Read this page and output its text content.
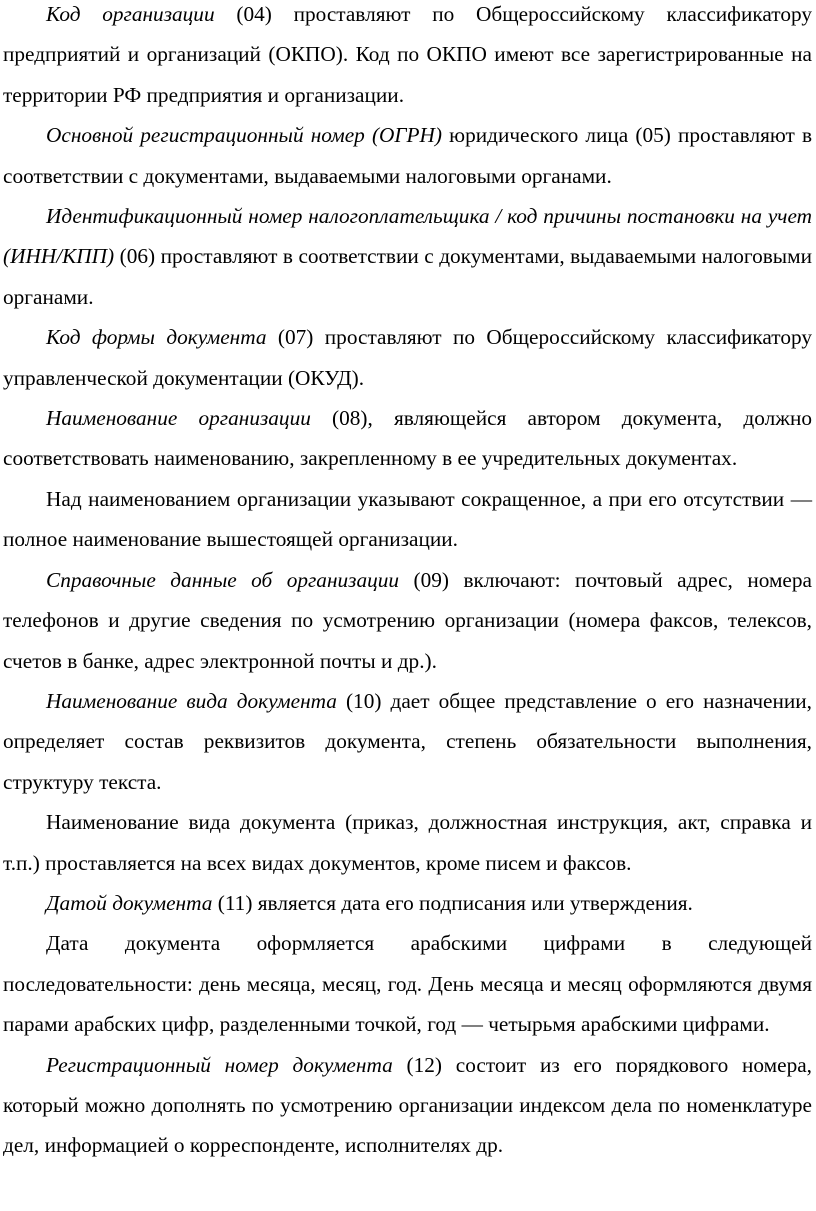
Код организации (04) проставляют по Общероссийскому классификатору предприятий и организаций (ОКПО). Код по ОКПО имеют все зарегистрированные на территории РФ предприятия и организации.

Основной регистрационный номер (ОГРН) юридического лица (05) проставляют в соответствии с документами, выдаваемыми налоговыми органами.

Идентификационный номер налогоплательщика / код причины постановки на учет (ИНН/КПП) (06) проставляют в соответствии с документами, выдаваемыми налоговыми органами.

Код формы документа (07) проставляют по Общероссийскому классификатору управленческой документации (ОКУД).

Наименование организации (08), являющейся автором документа, должно соответствовать наименованию, закрепленному в ее учредительных документах.

Над наименованием организации указывают сокращенное, а при его отсутствии — полное наименование вышестоящей организации.

Справочные данные об организации (09) включают: почтовый адрес, номера телефонов и другие сведения по усмотрению организации (номера факсов, телексов, счетов в банке, адрес электронной почты и др.).

Наименование вида документа (10) дает общее представление о его назначении, определяет состав реквизитов документа, степень обязательности выполнения, структуру текста.

Наименование вида документа (приказ, должностная инструкция, акт, справка и т.п.) проставляется на всех видах документов, кроме писем и факсов.

Датой документа (11) является дата его подписания или утверждения.

Дата документа оформляется арабскими цифрами в следующей последовательности: день месяца, месяц, год. День месяца и месяц оформляются двумя парами арабских цифр, разделенными точкой, год — четырьмя арабскими цифрами.

Регистрационный номер документа (12) состоит из его порядкового номера, который можно дополнять по усмотрению организации индексом дела по номенклатуре дел, информацией о корреспонденте, исполнителях др.
